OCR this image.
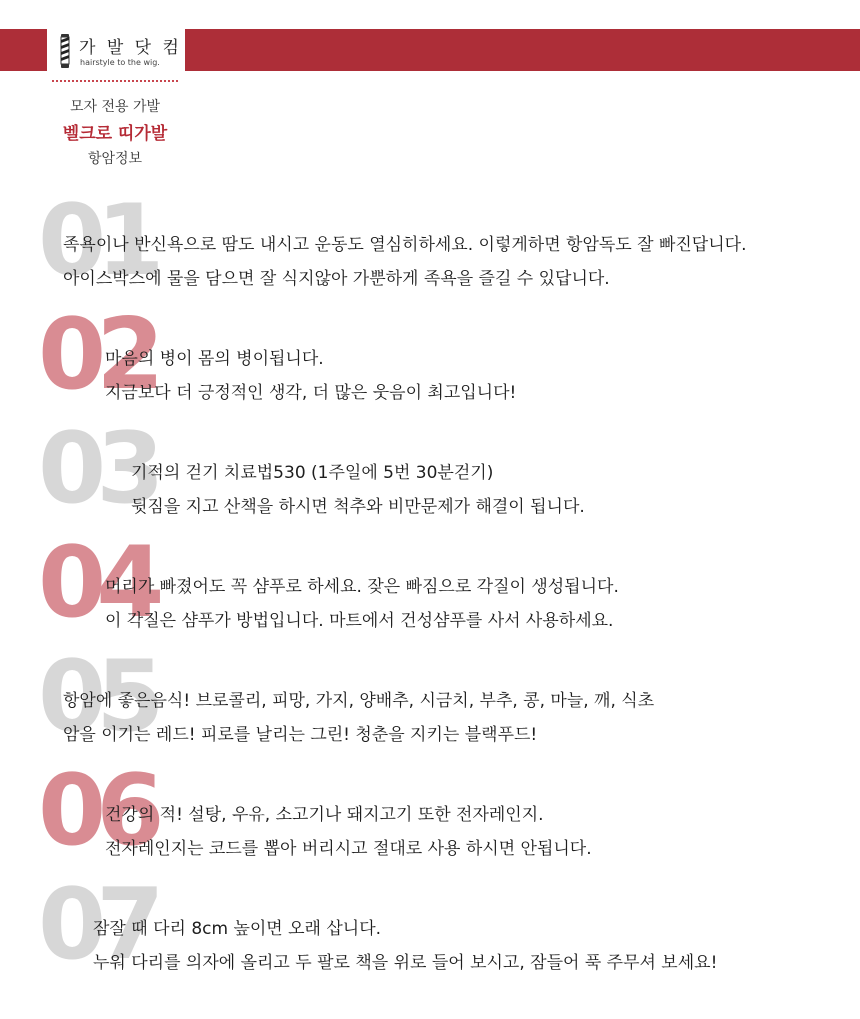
가 발 닷 컴
hairstyle to the wig.
모자 전용 가발
벨크로 띠가발
항암정보
01
족욕이나 반신욕으로 땀도 내시고 운동도 열심히하세요. 이렇게하면 항암독도 잘 빠진답니다.
아이스박스에 물을 담으면 잘 식지않아 가뿐하게 족욕을 즐길 수 있답니다.
02
마음의 병이 몸의 병이됩니다.
지금보다 더 긍정적인 생각, 더 많은 웃음이 최고입니다!
03
기적의 걷기 치료법530 (1주일에 5번 30분걷기)
뒷짐을 지고 산책을 하시면 척추와 비만문제가 해결이 됩니다.
04
머리가 빠졌어도 꼭 샴푸로 하세요. 잦은 빠짐으로 각질이 생성됩니다.
이 각질은 샴푸가 방법입니다. 마트에서 건성샴푸를 사서 사용하세요.
05
항암에 좋은음식! 브로콜리, 피망, 가지, 양배추, 시금치, 부추, 콩, 마늘, 깨, 식초
암을 이기는 레드! 피로를 날리는 그린! 청춘을 지키는 블랙푸드!
06
건강의 적! 설탕, 우유, 소고기나 돼지고기 또한 전자레인지.
전자레인지는 코드를 뽑아 버리시고 절대로 사용 하시면 안됩니다.
07
잠잘 때 다리 8cm 높이면 오래 삽니다.
누워 다리를 의자에 올리고 두 팔로 책을 위로 들어 보시고, 잠들어 푹 주무셔 보세요!
